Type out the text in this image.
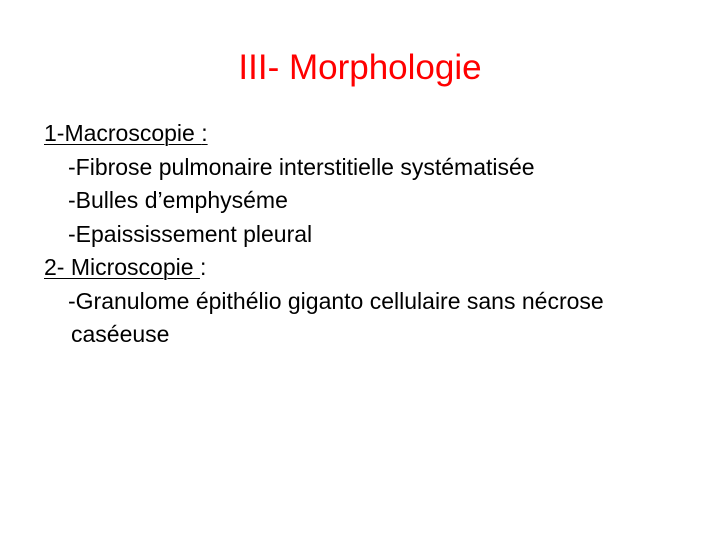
III- Morphologie
1-Macroscopie :
-Fibrose pulmonaire interstitielle systématisée
-Bulles d’emphyséme
-Epaississement pleural
2- Microscopie :
-Granulome épithélio giganto cellulaire sans nécrose caséeuse
